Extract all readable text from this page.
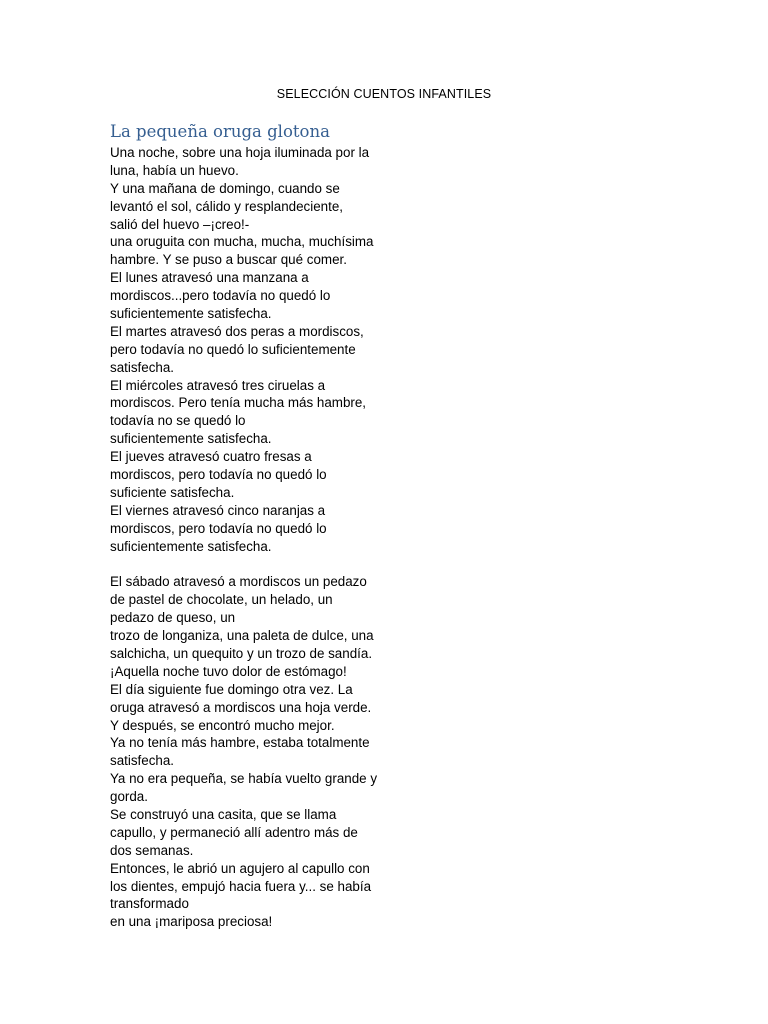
SELECCIÓN CUENTOS INFANTILES
La pequeña oruga glotona
Una noche, sobre una hoja iluminada por la
luna, había un huevo.
Y una mañana de domingo, cuando se
levantó el sol, cálido y resplandeciente,
salió del huevo –¡creo!-
una oruguita con mucha, mucha, muchísima
hambre. Y se puso a buscar qué comer.
El lunes atravesó una manzana a
mordiscos...pero todavía no quedó lo
suficientemente satisfecha.
El martes atravesó dos peras a mordiscos,
pero todavía no quedó lo suficientemente
satisfecha.
El miércoles atravesó tres ciruelas a
mordiscos. Pero tenía mucha más hambre,
todavía no se quedó lo
suficientemente satisfecha.
El jueves atravesó cuatro fresas a
mordiscos, pero todavía no quedó lo
suficiente satisfecha.
El viernes atravesó cinco naranjas a
mordiscos, pero todavía no quedó lo
suficientemente satisfecha.
El sábado atravesó a mordiscos un pedazo
de pastel de chocolate, un helado, un
pedazo de queso, un
trozo de longaniza, una paleta de dulce, una
salchicha, un quequito y un trozo de sandía.
¡Aquella noche tuvo dolor de estómago!
El día siguiente fue domingo otra vez. La
oruga atravesó a mordiscos una hoja verde.
Y después, se encontró mucho mejor.
Ya no tenía más hambre, estaba totalmente
satisfecha.
Ya no era pequeña, se había vuelto grande y
gorda.
Se construyó una casita, que se llama
capullo, y permaneció allí adentro más de
dos semanas.
Entonces, le abrió un agujero al capullo con
los dientes, empujó hacia fuera y... se había
transformado
en una ¡mariposa preciosa!
